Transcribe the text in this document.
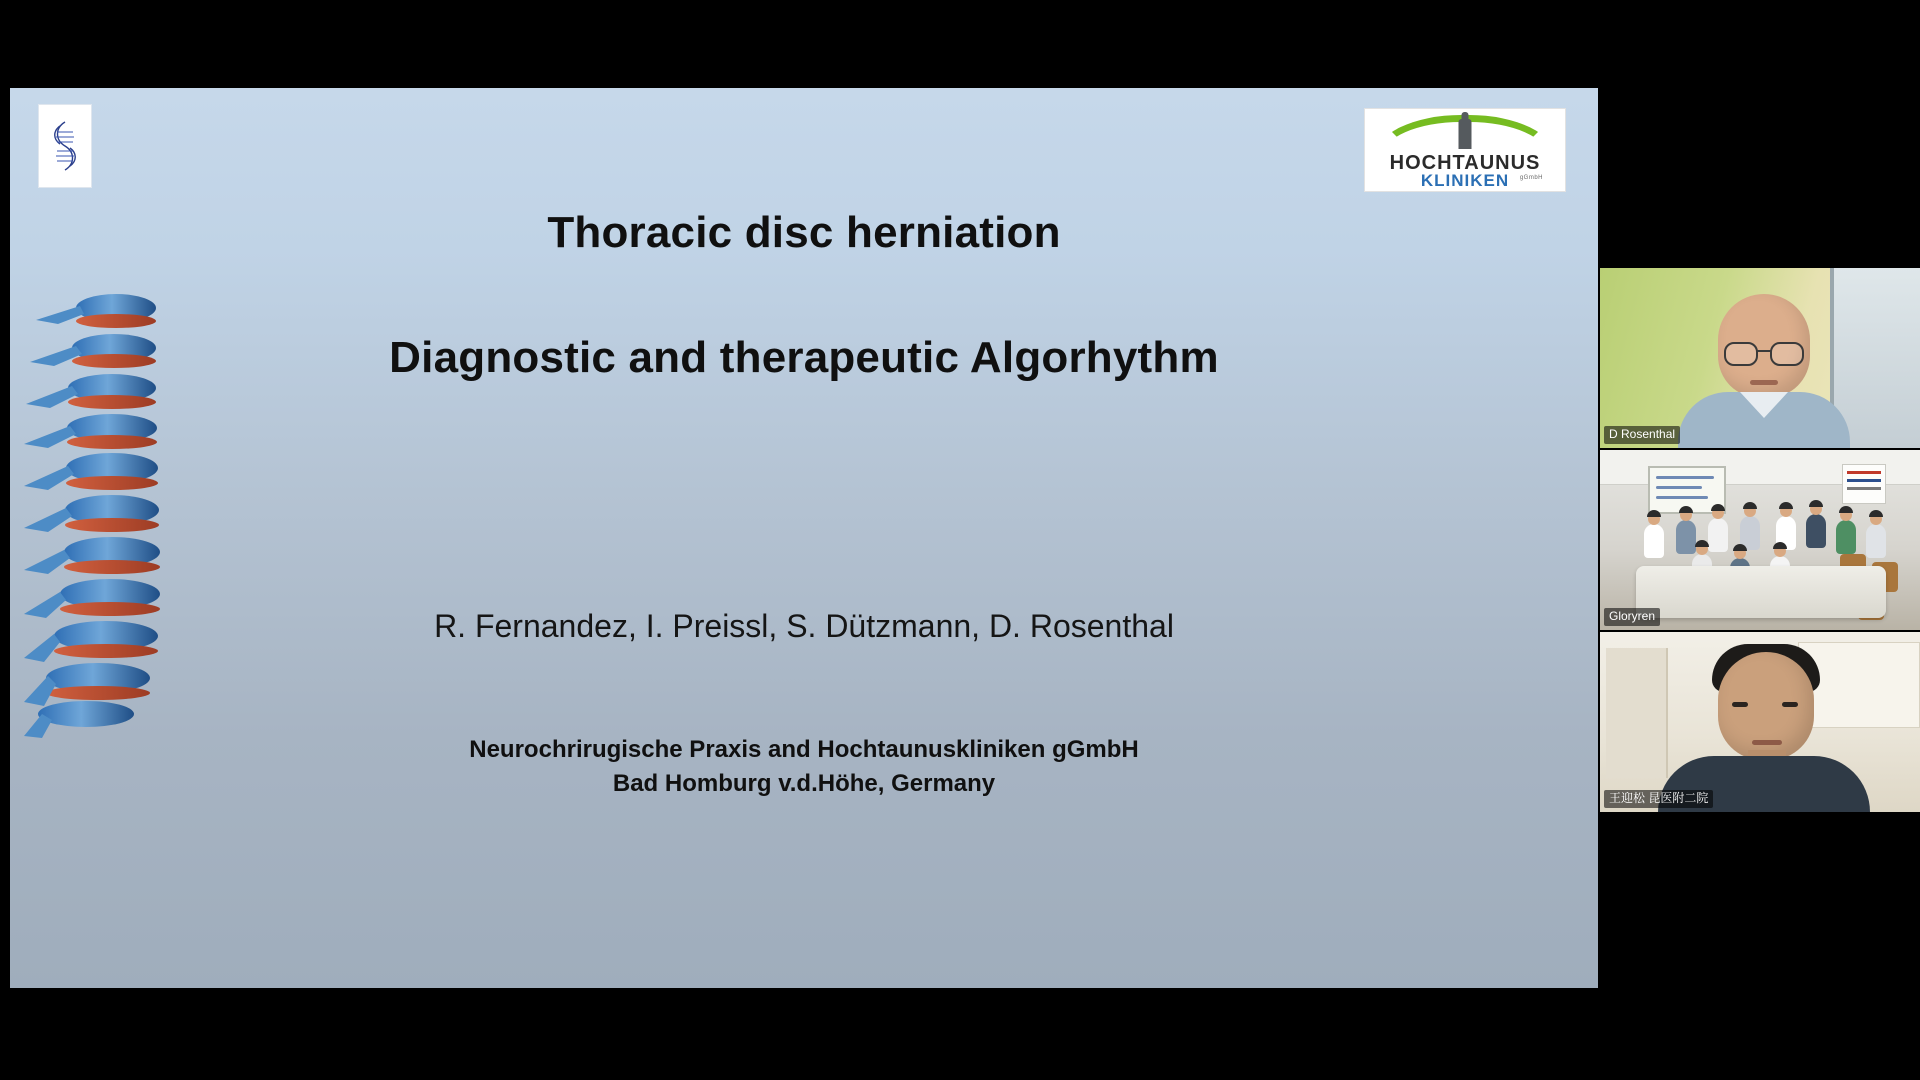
HOCHTAUNUS
KLINIKEN	gGmbH
Thoracic disc herniation
Diagnostic and therapeutic Algorhythm
R. Fernandez, I. Preissl, S. Dützmann, D. Rosenthal
Neurochrirugische Praxis and Hochtaunuskliniken gGmbH
Bad Homburg v.d.Höhe, Germany
D Rosenthal
Gloryren
王迎松 昆医附二院
